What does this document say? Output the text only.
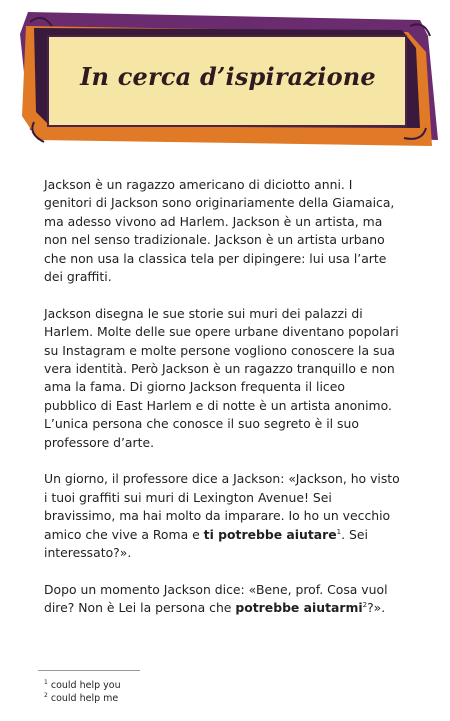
In cerca d’ispirazione

Jackson è un ragazzo americano di diciotto anni. I genitori di Jackson sono originariamente della Giamaica, ma adesso vivono ad Harlem. Jackson è un artista, ma non nel senso tradizionale. Jackson è un artista urbano che non usa la classica tela per dipingere: lui usa l’arte dei graffiti.

Jackson disegna le sue storie sui muri dei palazzi di Harlem. Molte delle sue opere urbane diventano popolari su Instagram e molte persone vogliono conoscere la sua vera identità. Però Jackson è un ragazzo tranquillo e non ama la fama. Di giorno Jackson frequenta il liceo pubblico di East Harlem e di notte è un artista anonimo. L’unica persona che conosce il suo segreto è il suo professore d’arte.

Un giorno, il professore dice a Jackson: «Jackson, ho visto i tuoi graffiti sui muri di Lexington Avenue! Sei bravissimo, ma hai molto da imparare. Io ho un vecchio amico che vive a Roma e ti potrebbe aiutare$^1$. Sei interessato?».

Dopo un momento Jackson dice: «Bene, prof. Cosa vuol dire? Non è Lei la persona che potrebbe aiutarmi$^2$?».

$^1$ could help you
$^2$ could help me
